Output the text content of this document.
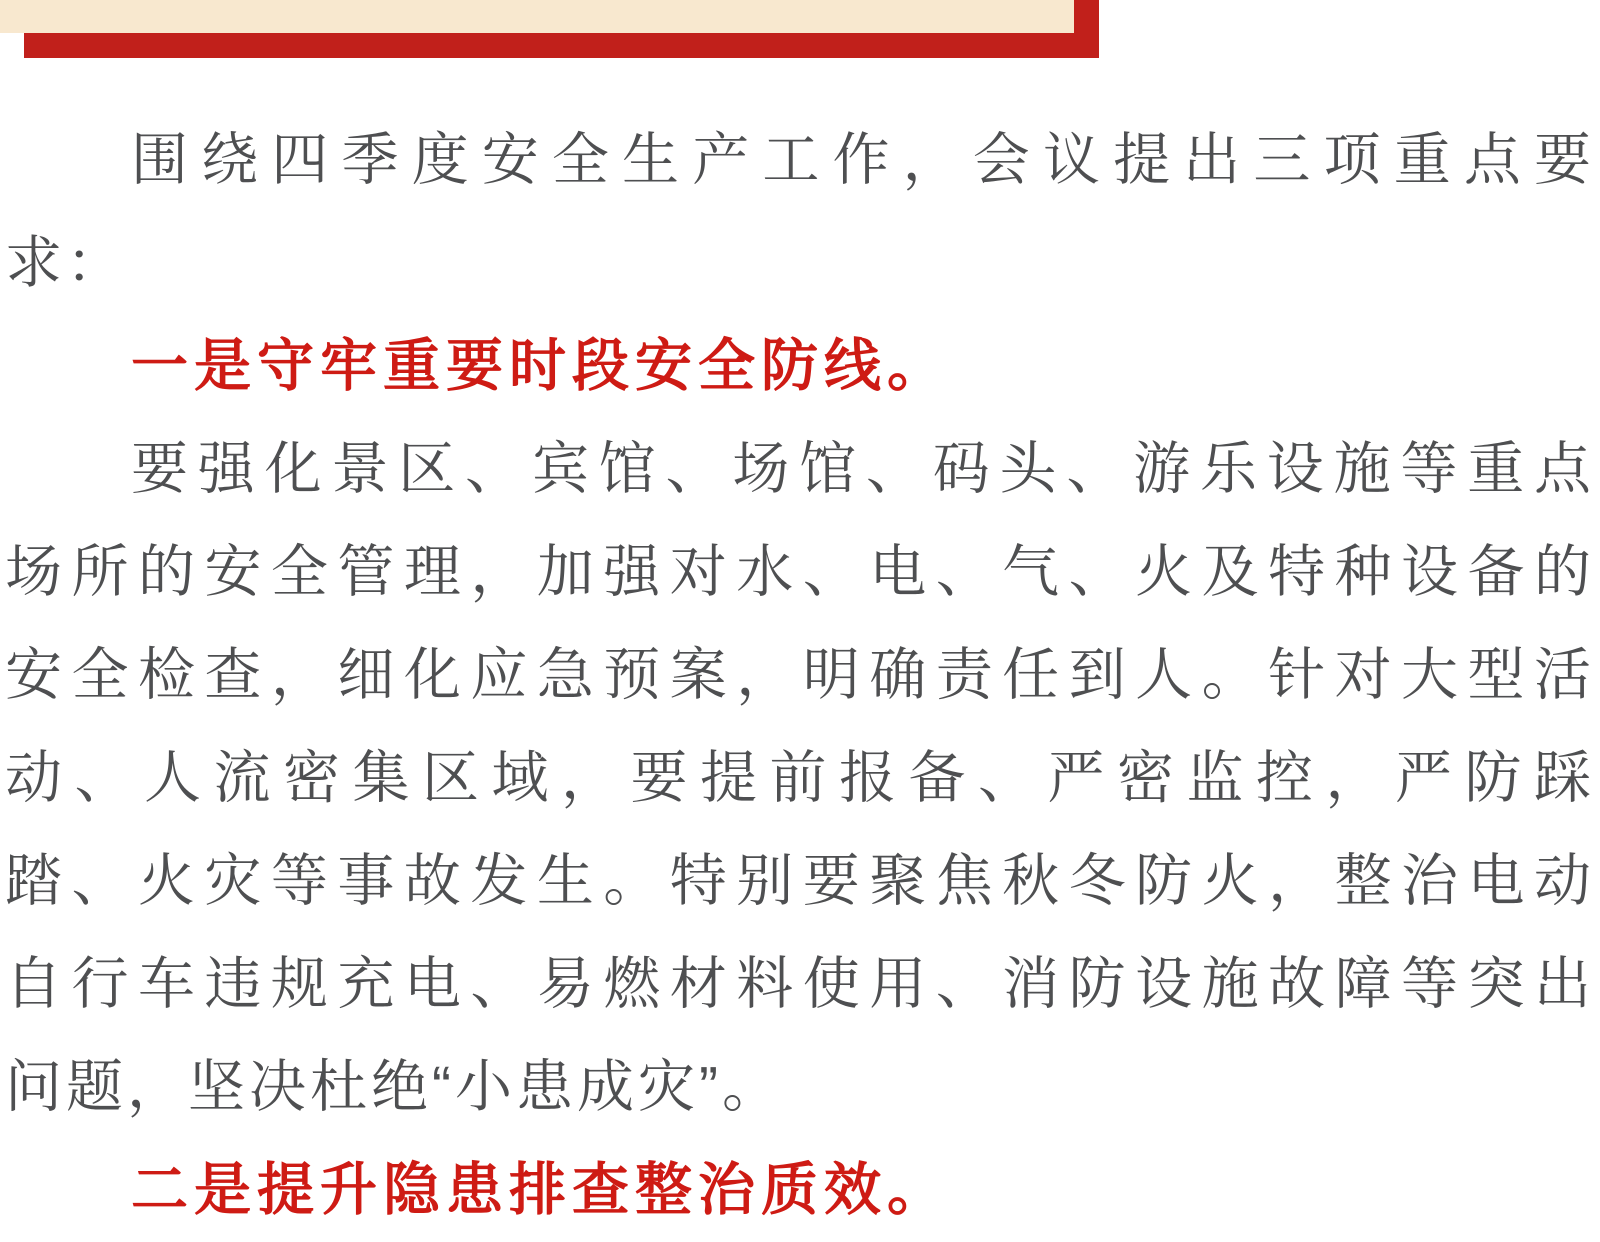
围绕四季度安全生产工作，会议提出三项重点要
求：
一是守牢重要时段安全防线。
要强化景区、宾馆、场馆、码头、游乐设施等重点
场所的安全管理，加强对水、电、气、火及特种设备的
安全检查，细化应急预案，明确责任到人。针对大型活
动、人流密集区域，要提前报备、严密监控，严防踩
踏、火灾等事故发生。特别要聚焦秋冬防火，整治电动
自行车违规充电、易燃材料使用、消防设施故障等突出
问题，坚决杜绝“小患成灾”。
二是提升隐患排查整治质效。
